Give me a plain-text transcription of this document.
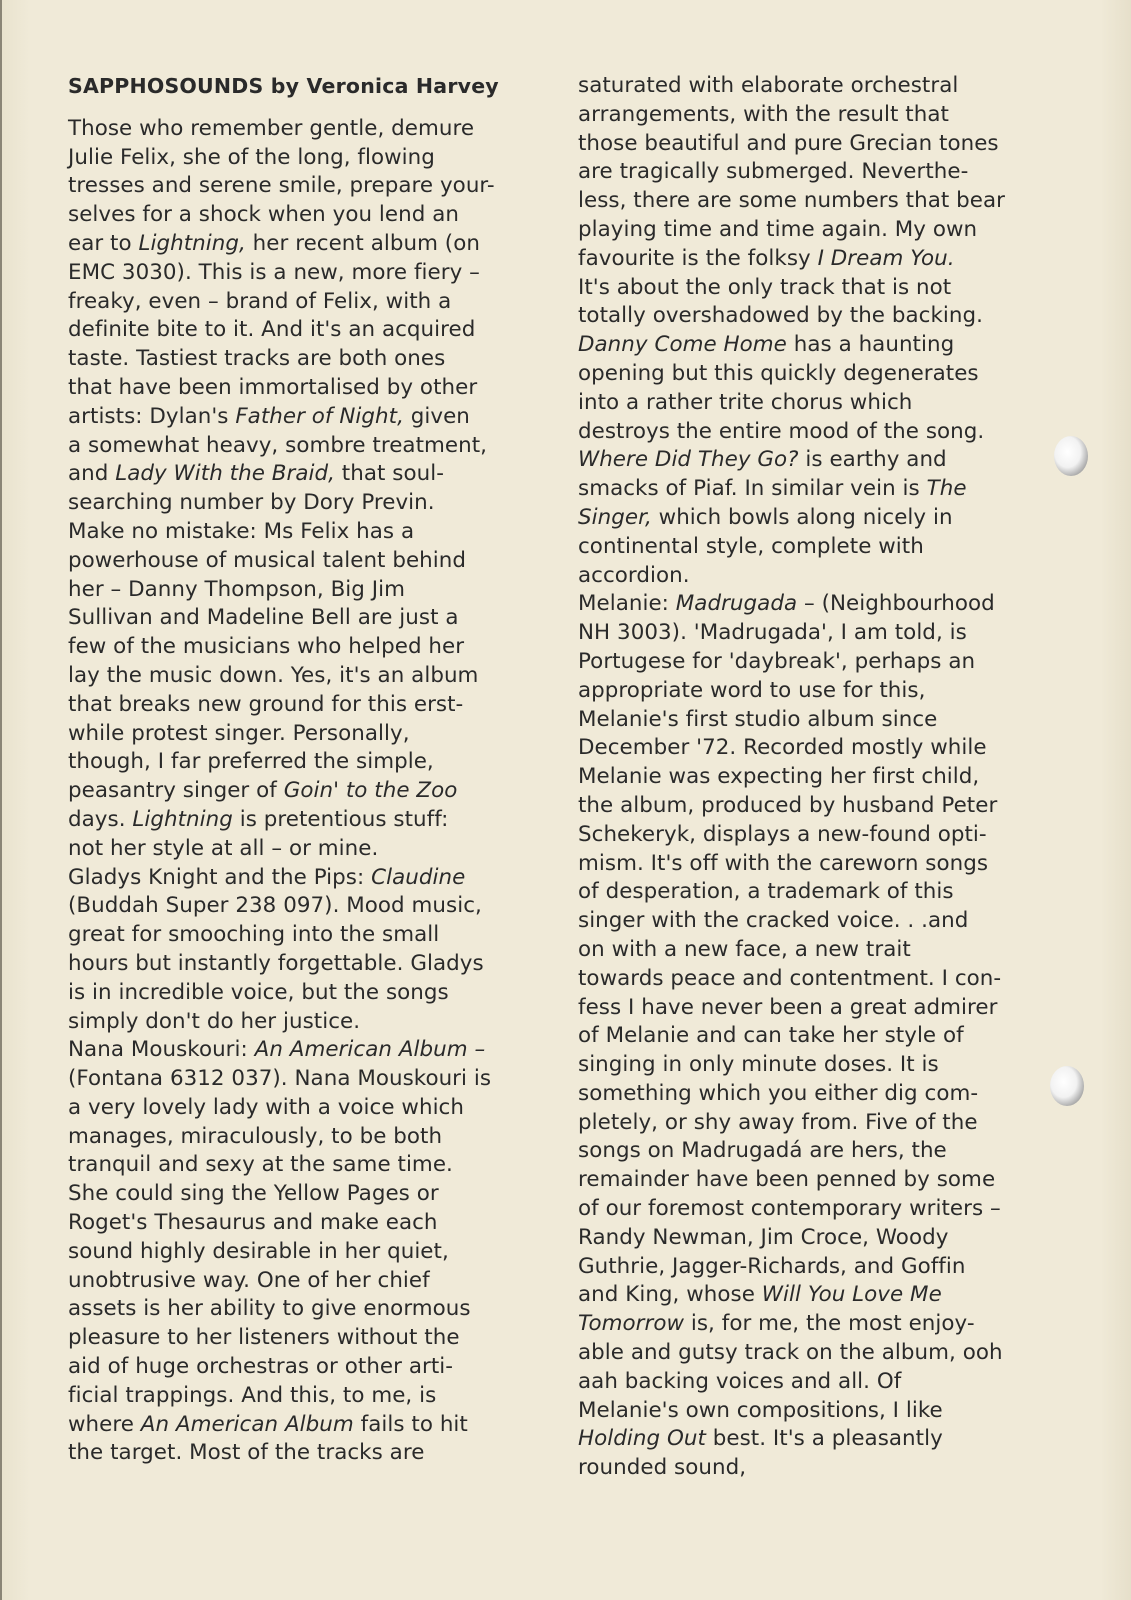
SAPPHOSOUNDS by Veronica Harvey
Those who remember gentle, demure
Julie Felix, she of the long, flowing
tresses and serene smile, prepare your-
selves for a shock when you lend an
ear to Lightning, her recent album (on
EMC 3030). This is a new, more fiery –
freaky, even – brand of Felix, with a
definite bite to it. And it's an acquired
taste. Tastiest tracks are both ones
that have been immortalised by other
artists: Dylan's Father of Night, given
a somewhat heavy, sombre treatment,
and Lady With the Braid, that soul-
searching number by Dory Previn.
Make no mistake: Ms Felix has a
powerhouse of musical talent behind
her – Danny Thompson, Big Jim
Sullivan and Madeline Bell are just a
few of the musicians who helped her
lay the music down. Yes, it's an album
that breaks new ground for this erst-
while protest singer. Personally,
though, I far preferred the simple,
peasantry singer of Goin' to the Zoo
days. Lightning is pretentious stuff:
not her style at all – or mine.
Gladys Knight and the Pips: Claudine
(Buddah Super 238 097). Mood music,
great for smooching into the small
hours but instantly forgettable. Gladys
is in incredible voice, but the songs
simply don't do her justice.
Nana Mouskouri: An American Album –
(Fontana 6312 037). Nana Mouskouri is
a very lovely lady with a voice which
manages, miraculously, to be both
tranquil and sexy at the same time.
She could sing the Yellow Pages or
Roget's Thesaurus and make each
sound highly desirable in her quiet,
unobtrusive way. One of her chief
assets is her ability to give enormous
pleasure to her listeners without the
aid of huge orchestras or other arti-
ficial trappings. And this, to me, is
where An American Album fails to hit
the target. Most of the tracks are
saturated with elaborate orchestral
arrangements, with the result that
those beautiful and pure Grecian tones
are tragically submerged. Neverthe-
less, there are some numbers that bear
playing time and time again. My own
favourite is the folksy I Dream You.
It's about the only track that is not
totally overshadowed by the backing.
Danny Come Home has a haunting
opening but this quickly degenerates
into a rather trite chorus which
destroys the entire mood of the song.
Where Did They Go? is earthy and
smacks of Piaf. In similar vein is The
Singer, which bowls along nicely in
continental style, complete with
accordion.
Melanie: Madrugada – (Neighbourhood
NH 3003). 'Madrugada', I am told, is
Portugese for 'daybreak', perhaps an
appropriate word to use for this,
Melanie's first studio album since
December '72. Recorded mostly while
Melanie was expecting her first child,
the album, produced by husband Peter
Schekeryk, displays a new-found opti-
mism. It's off with the careworn songs
of desperation, a trademark of this
singer with the cracked voice. . .and
on with a new face, a new trait
towards peace and contentment. I con-
fess I have never been a great admirer
of Melanie and can take her style of
singing in only minute doses. It is
something which you either dig com-
pletely, or shy away from. Five of the
songs on Madrugadá are hers, the
remainder have been penned by some
of our foremost contemporary writers –
Randy Newman, Jim Croce, Woody
Guthrie, Jagger-Richards, and Goffin
and King, whose Will You Love Me
Tomorrow is, for me, the most enjoy-
able and gutsy track on the album, ooh
aah backing voices and all. Of
Melanie's own compositions, I like
Holding Out best. It's a pleasantly
rounded sound,
